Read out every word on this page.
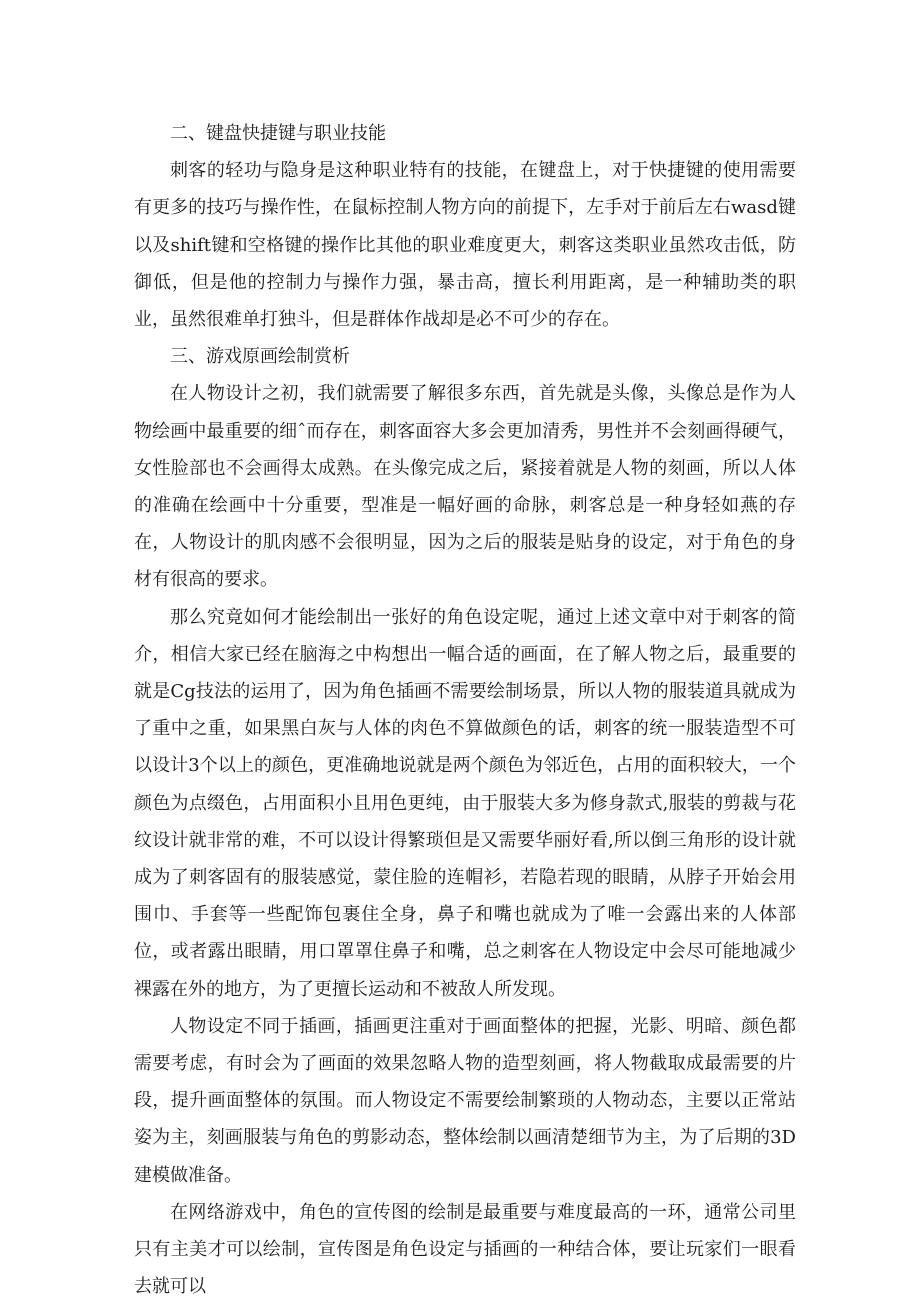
二、键盘快捷键与职业技能

刺客的轻功与隐身是这种职业特有的技能，在键盘上，对于快捷键的使用需要有更多的技巧与操作性，在鼠标控制人物方向的前提下，左手对于前后左右wasd键以及shift键和空格键的操作比其他的职业难度更大，刺客这类职业虽然攻击低，防御低，但是他的控制力与操作力强，暴击高，擅长利用距离，是一种辅助类的职业，虽然很难单打独斗，但是群体作战却是必不可少的存在。

三、游戏原画绘制赏析

在人物设计之初，我们就需要了解很多东西，首先就是头像，头像总是作为人物绘画中最重要的细ˆ而存在，刺客面容大多会更加清秀，男性并不会刻画得硬气，女性脸部也不会画得太成熟。在头像完成之后，紧接着就是人物的刻画，所以人体的准确在绘画中十分重要，型准是一幅好画的命脉，刺客总是一种身轻如燕的存在，人物设计的肌肉感不会很明显，因为之后的服装是贴身的设定，对于角色的身材有很高的要求。

那么究竟如何才能绘制出一张好的角色设定呢，通过上述文章中对于刺客的简介，相信大家已经在脑海之中构想出一幅合适的画面，在了解人物之后，最重要的就是Cg技法的运用了，因为角色插画不需要绘制场景，所以人物的服装道具就成为了重中之重，如果黑白灰与人体的肉色不算做颜色的话，刺客的统一服装造型不可以设计3个以上的颜色，更准确地说就是两个颜色为邻近色，占用的面积较大，一个颜色为点缀色，占用面积小且用色更纯，由于服装大多为修身款式,服装的剪裁与花纹设计就非常的难，不可以设计得繁琐但是又需要华丽好看,所以倒三角形的设计就成为了刺客固有的服装感觉，蒙住脸的连帽衫，若隐若现的眼睛，从脖子开始会用围巾、手套等一些配饰包裹住全身，鼻子和嘴也就成为了唯一会露出来的人体部位，或者露出眼睛，用口罩罩住鼻子和嘴，总之刺客在人物设定中会尽可能地减少裸露在外的地方，为了更擅长运动和不被敌人所发现。

人物设定不同于插画，插画更注重对于画面整体的把握，光影、明暗、颜色都需要考虑，有时会为了画面的效果忽略人物的造型刻画，将人物截取成最需要的片段，提升画面整体的氛围。而人物设定不需要绘制繁琐的人物动态，主要以正常站姿为主，刻画服装与角色的剪影动态，整体绘制以画清楚细节为主，为了后期的3D建模做准备。

在网络游戏中，角色的宣传图的绘制是最重要与难度最高的一环，通常公司里只有主美才可以绘制，宣传图是角色设定与插画的一种结合体，要让玩家们一眼看去就可以
